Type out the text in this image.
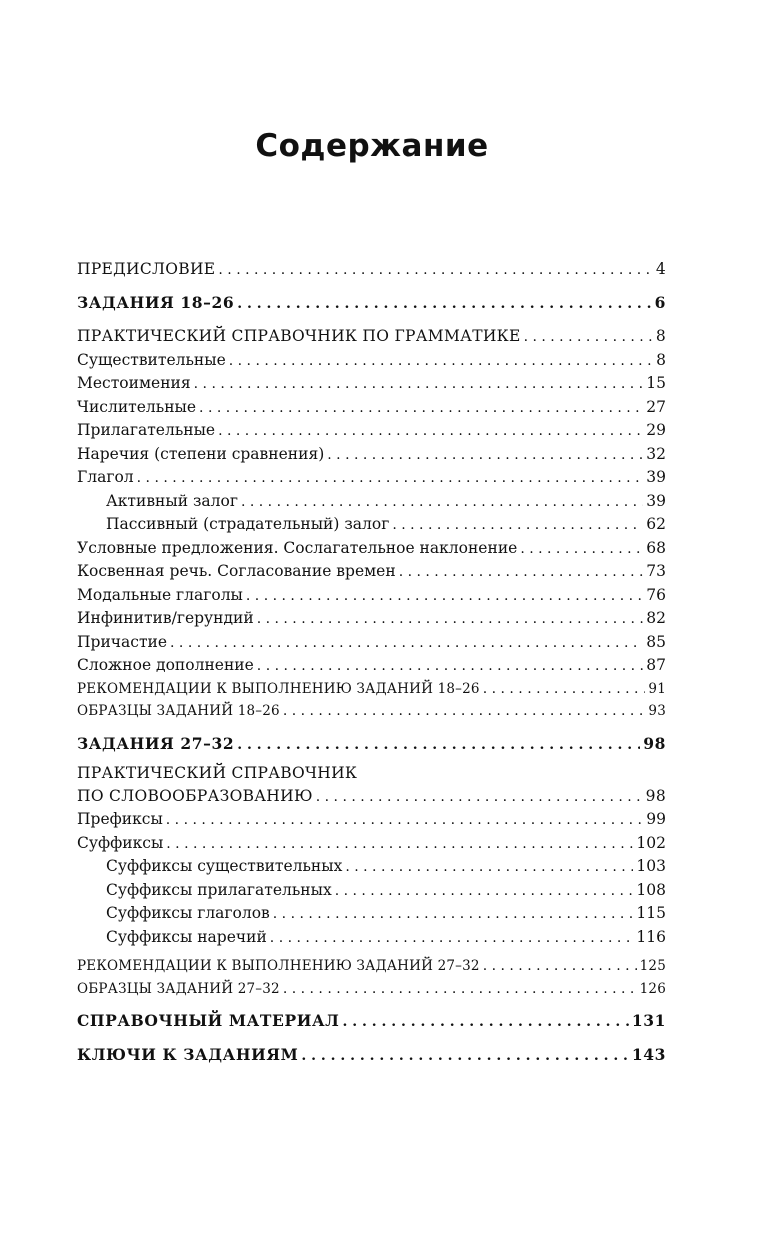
Содержание
ПРЕДИСЛОВИЕ . . .	4
ЗАДАНИЯ 18–26 . . .	6
ПРАКТИЧЕСКИЙ СПРАВОЧНИК ПО ГРАММАТИКЕ . . .	8
Существительные . . .	8
Местоимения . . .	15
Числительные . . .	27
Прилагательные . . .	29
Наречия (степени сравнения) . . .	32
Глагол . . .	39
Активный залог . . .	39
Пассивный (страдательный) залог . . .	62
Условные предложения. Сослагательное наклонение . . .	68
Косвенная речь. Согласование времен . . .	73
Модальные глаголы . . .	76
Инфинитив/герундий . . .	82
Причастие . . .	85
Сложное дополнение . . .	87
РЕКОМЕНДАЦИИ К ВЫПОЛНЕНИЮ ЗАДАНИЙ 18–26 . . .	91
ОБРАЗЦЫ ЗАДАНИЙ 18–26 . . .	93
ЗАДАНИЯ 27–32 . . .	98
ПРАКТИЧЕСКИЙ СПРАВОЧНИК
ПО СЛОВООБРАЗОВАНИЮ . . .	98
Префиксы . . .	99
Суффиксы . . .	102
Суффиксы существительных . . .	103
Суффиксы прилагательных . . .	108
Суффиксы глаголов . . .	115
Суффиксы наречий . . .	116
РЕКОМЕНДАЦИИ К ВЫПОЛНЕНИЮ ЗАДАНИЙ 27–32 . . .	125
ОБРАЗЦЫ ЗАДАНИЙ 27–32 . . .	126
СПРАВОЧНЫЙ МАТЕРИАЛ . . .	131
КЛЮЧИ К ЗАДАНИЯМ . . .	143
